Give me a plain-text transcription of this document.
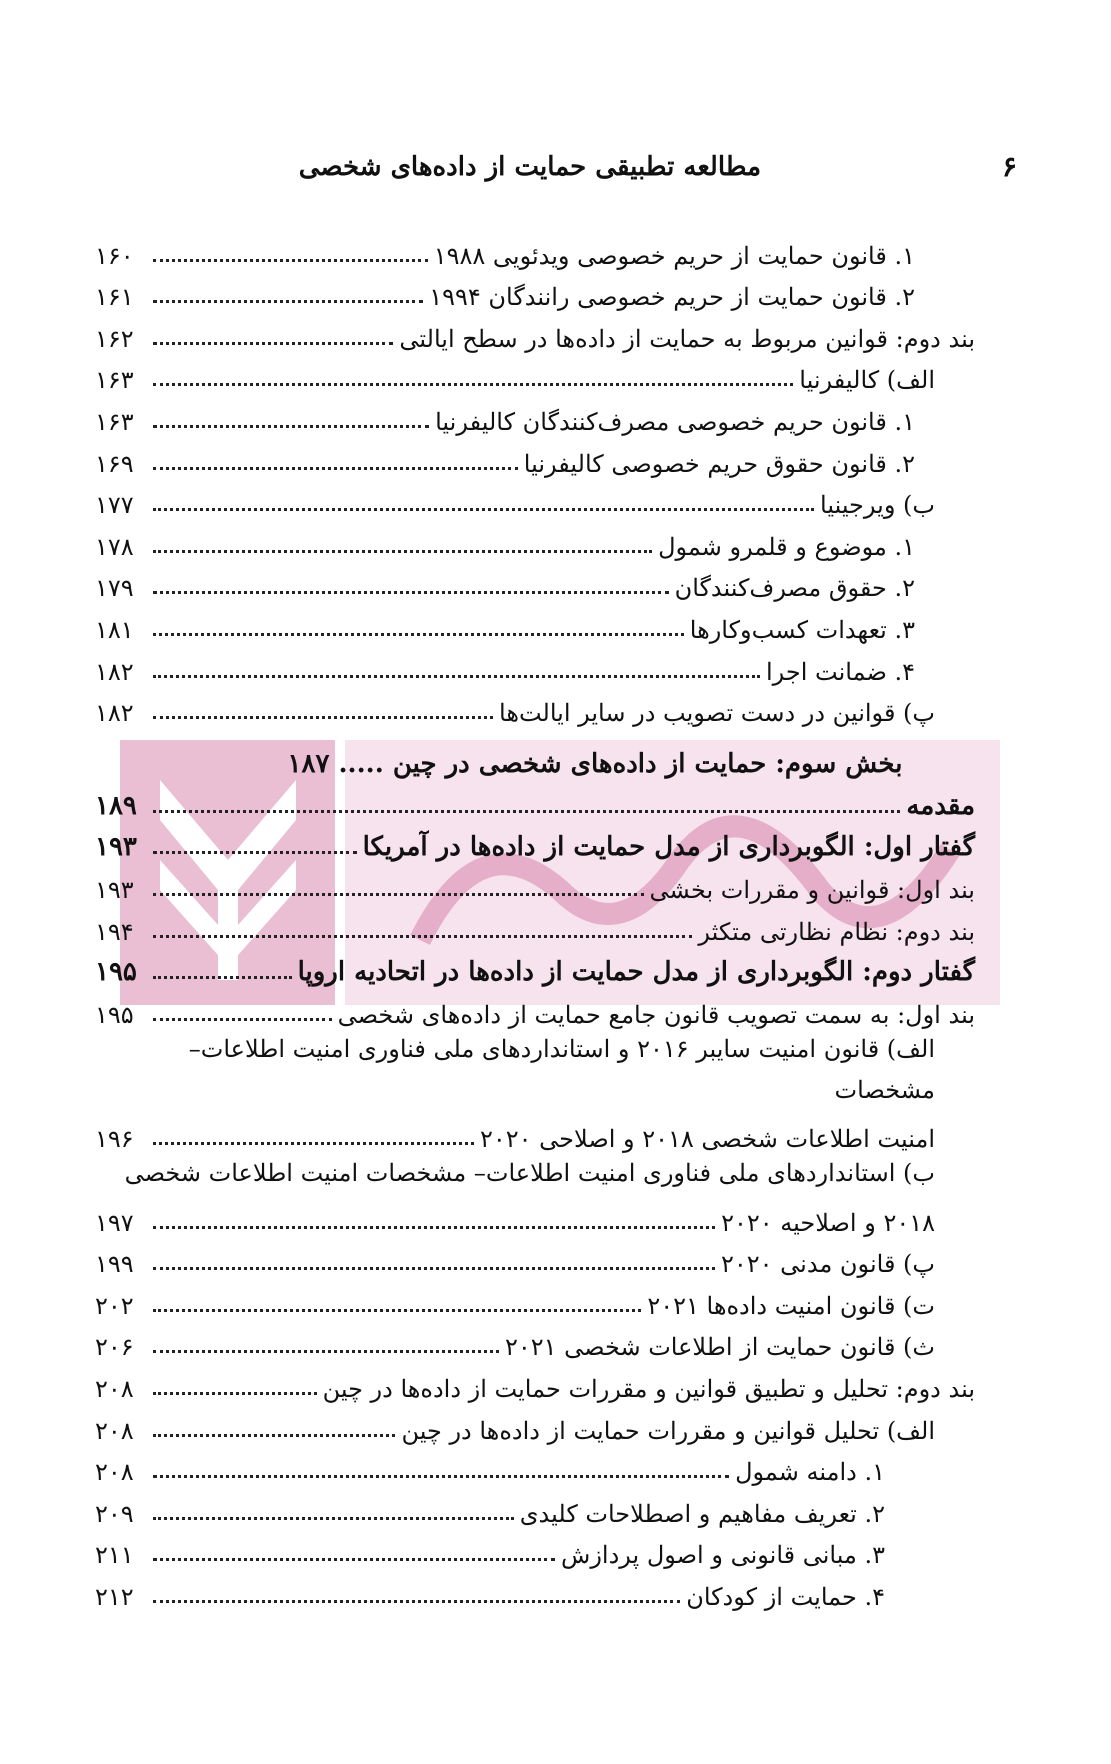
۶
مطالعه تطبیقی حمایت از داده‌های شخصی
۱. قانون حمایت از حریم خصوصی ویدئویی ۱۹۸۸
۱۶۰
۲. قانون حمایت از حریم خصوصی رانندگان ۱۹۹۴
۱۶۱
بند دوم: قوانین مربوط به حمایت از داده‌ها در سطح ایالتی
۱۶۲
الف) کالیفرنیا
۱۶۳
۱. قانون حریم خصوصی مصرف‌کنندگان کالیفرنیا
۱۶۳
۲. قانون حقوق حریم خصوصی کالیفرنیا
۱۶۹
ب) ویرجینیا
۱۷۷
۱. موضوع و قلمرو شمول
۱۷۸
۲. حقوق مصرف‌کنندگان
۱۷۹
۳. تعهدات کسب‌وکارها
۱۸۱
۴. ضمانت اجرا
۱۸۲
پ) قوانین در دست تصویب در سایر ایالت‌ها
۱۸۲
بخش سوم: حمایت از داده‌های شخصی در چین
.....
۱۸۷
مقدمه
۱۸۹
گفتار اول: الگوبرداری از مدل حمایت از داده‌ها در آمریکا
۱۹۳
بند اول: قوانین و مقررات بخشی
۱۹۳
بند دوم: نظام نظارتی متکثر
۱۹۴
گفتار دوم: الگوبرداری از مدل حمایت از داده‌ها در اتحادیه اروپا
۱۹۵
بند اول: به سمت تصویب قانون جامع حمایت از داده‌های شخصی
۱۹۵
الف) قانون امنیت سایبر ۲۰۱۶ و استانداردهای ملی فناوری امنیت اطلاعات– مشخصات
امنیت اطلاعات شخصی ۲۰۱۸ و اصلاحی ۲۰۲۰
۱۹۶
ب) استانداردهای ملی فناوری امنیت اطلاعات– مشخصات امنیت اطلاعات شخصی
۲۰۱۸ و اصلاحیه ۲۰۲۰
۱۹۷
پ) قانون مدنی ۲۰۲۰
۱۹۹
ت) قانون امنیت داده‌ها ۲۰۲۱
۲۰۲
ث) قانون حمایت از اطلاعات شخصی ۲۰۲۱
۲۰۶
بند دوم: تحلیل و تطبیق قوانین و مقررات حمایت از داده‌ها در چین
۲۰۸
الف) تحلیل قوانین و مقررات حمایت از داده‌ها در چین
۲۰۸
۱. دامنه شمول
۲۰۸
۲. تعریف مفاهیم و اصطلاحات کلیدی
۲۰۹
۳. مبانی قانونی و اصول پردازش
۲۱۱
۴. حمایت از کودکان
۲۱۲
